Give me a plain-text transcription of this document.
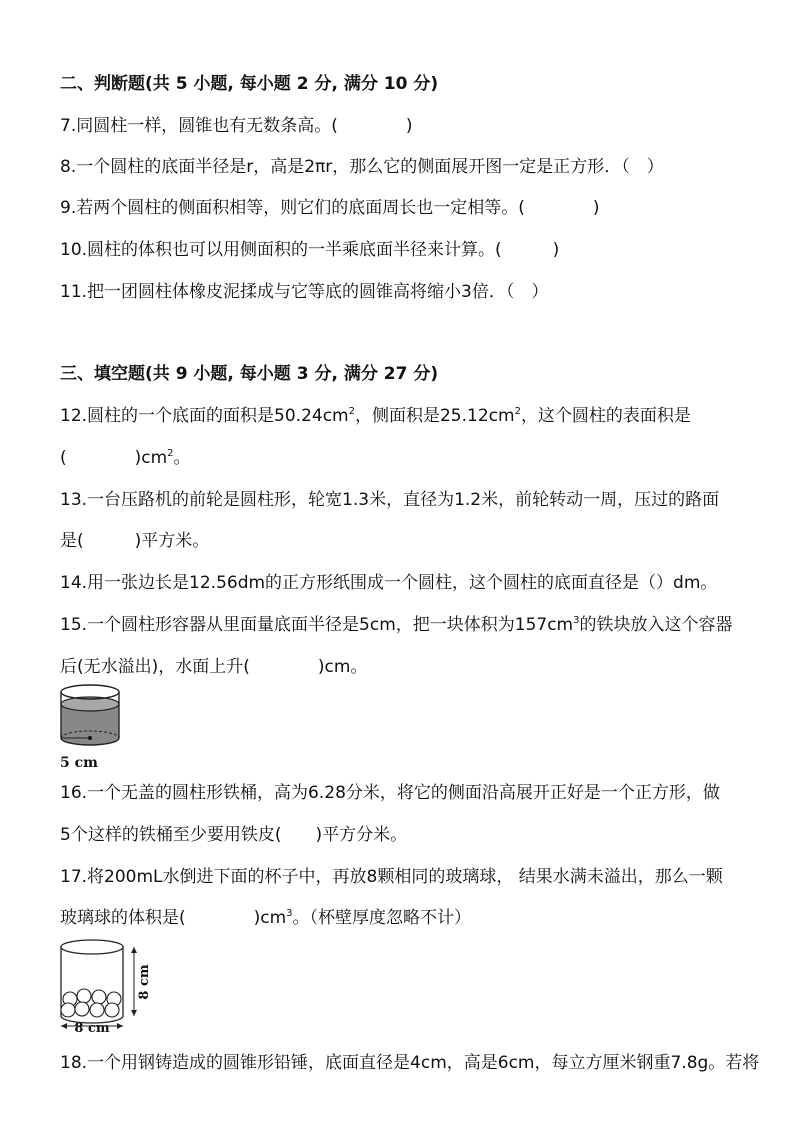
二、判断题(共 5 小题, 每小题 2 分, 满分 10 分)
7.同圆柱一样，圆锥也有无数条高。(　　　　)
8.一个圆柱的底面半径是r，高是2πr，那么它的侧面展开图一定是正方形．（　）
9.若两个圆柱的侧面积相等，则它们的底面周长也一定相等。(　　　　)
10.圆柱的体积也可以用侧面积的一半乘底面半径来计算。(　　　)
11.把一团圆柱体橡皮泥揉成与它等底的圆锥高将缩小3倍．（　）
三、填空题(共 9 小题, 每小题 3 分, 满分 27 分)
12.圆柱的一个底面的面积是$50.24cm^2$，侧面积是$25.12cm^2$，这个圆柱的表面积是
(　　　　)$cm^2$。
13.一台压路机的前轮是圆柱形，轮宽1.3米，直径为1.2米，前轮转动一周，压过的路面
是(　　　)平方米。
14.用一张边长是12.56dm的正方形纸围成一个圆柱，这个圆柱的底面直径是（）dm。
15.一个圆柱形容器从里面量底面半径是5cm，把一块体积为$157cm^3$的铁块放入这个容器
后(无水溢出)，水面上升(　　　　)cm。
5 cm
16.一个无盖的圆柱形铁桶，高为6.28分米，将它的侧面沿高展开正好是一个正方形，做
5个这样的铁桶至少要用铁皮(　　)平方分米。
17.将200mL水倒进下面的杯子中，再放8颗相同的玻璃球， 结果水满未溢出，那么一颗
玻璃球的体积是(　　　　)$cm^3$。（杯壁厚度忽略不计）
8 cm
8 cm
18.一个用钢铸造成的圆锥形铅锤，底面直径是4cm，高是6cm，每立方厘米钢重7.8g。若将
